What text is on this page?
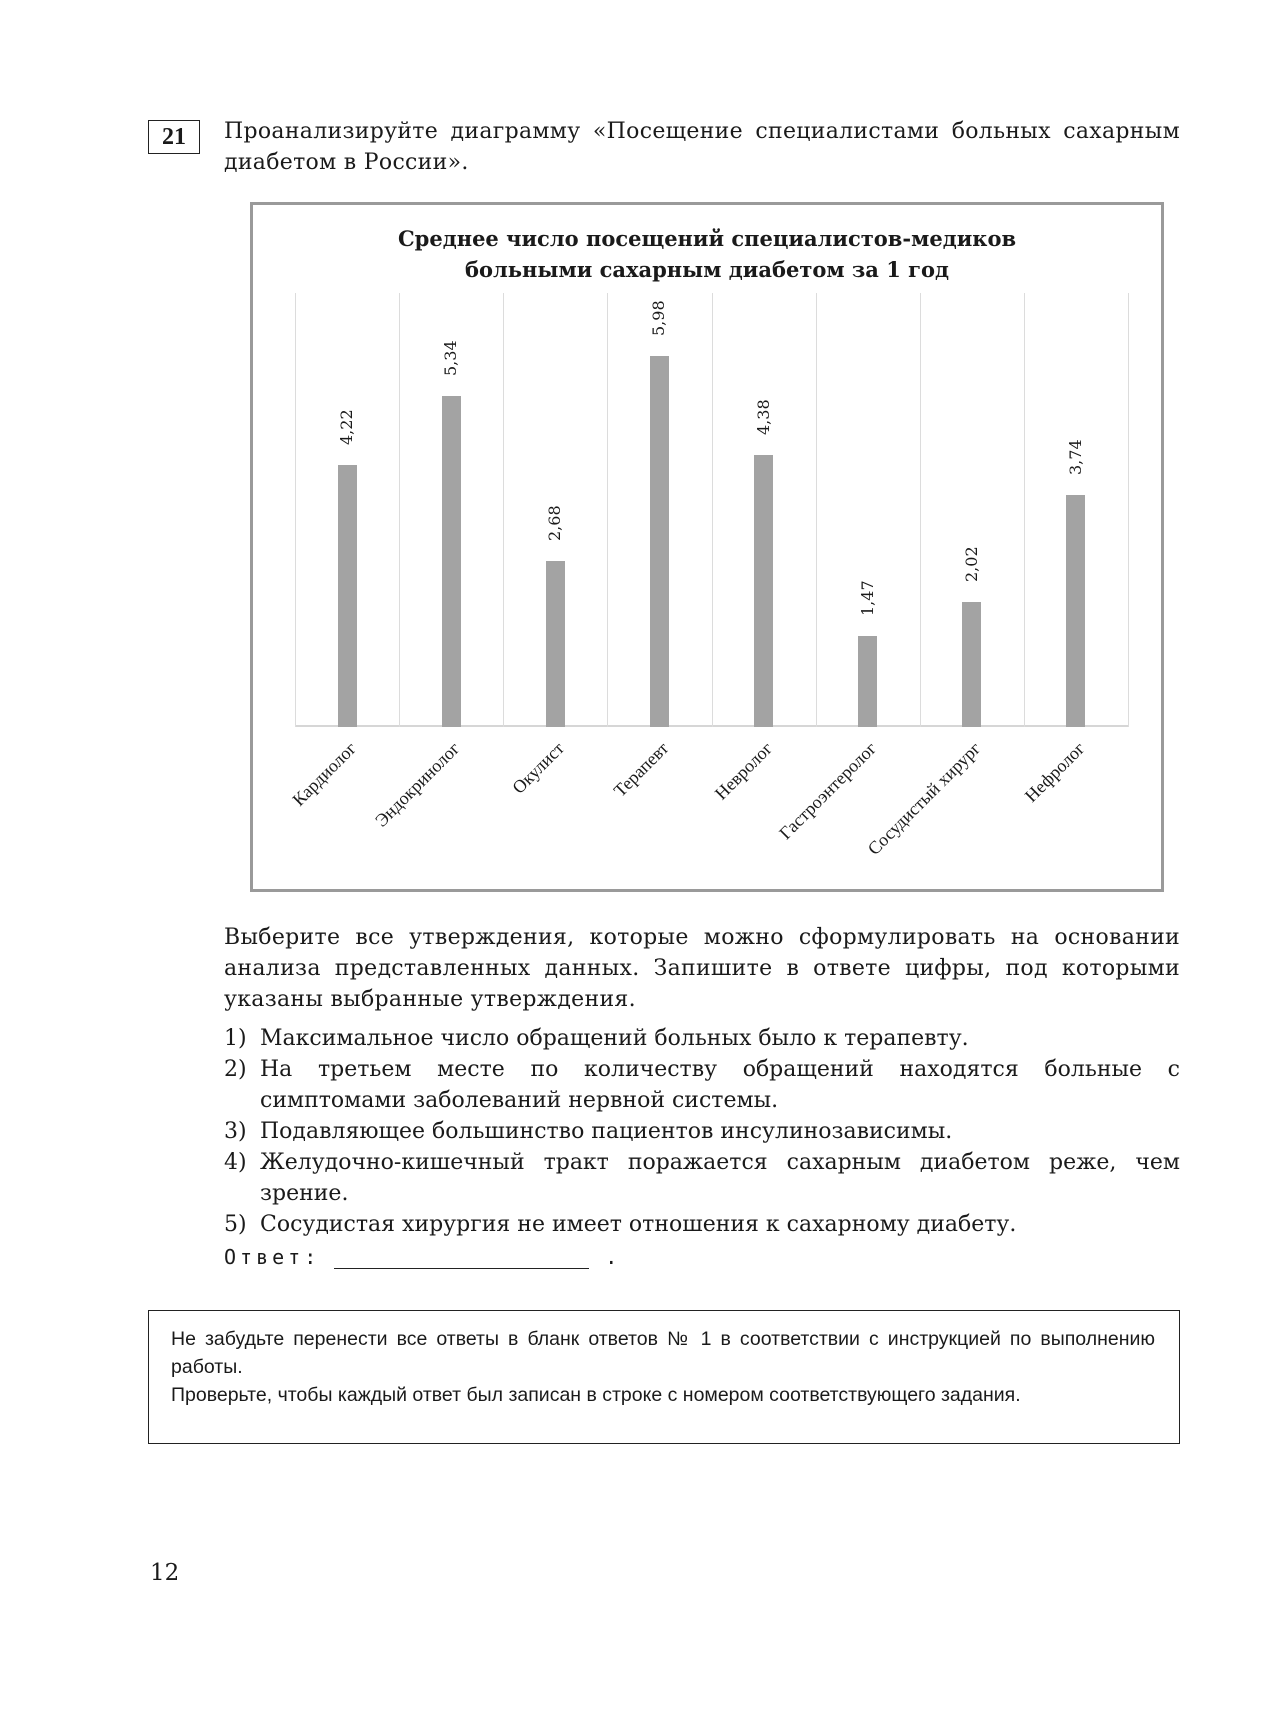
21	Проанализируйте диаграмму «Посещение специалистами больных сахарным диабетом в России».
Среднее число посещений специалистов-медиков
больными сахарным диабетом за 1 год
4,22
Кардиолог
5,34
Эндокринолог
2,68
Окулист
5,98
Терапевт
4,38
Невролог
1,47
Гастроэнтеролог
2,02
Сосудистый хирург
3,74
Нефролог
Выберите все утверждения, которые можно сформулировать на основании анализа представленных данных. Запишите в ответе цифры, под которыми указаны выбранные утверждения.
1) Максимальное число обращений больных было к терапевту.
2) На третьем месте по количеству обращений находятся больные с симптомами заболеваний нервной системы.
3) Подавляющее большинство пациентов инсулинозависимы.
4) Желудочно-кишечный тракт поражается сахарным диабетом реже, чем зрение.
5) Сосудистая хирургия не имеет отношения к сахарному диабету.
Ответ:	.
Не забудьте перенести все ответы в бланк ответов № 1 в соответствии с инструкцией по выполнению работы.
Проверьте, чтобы каждый ответ был записан в строке с номером соответствующего задания.
12
